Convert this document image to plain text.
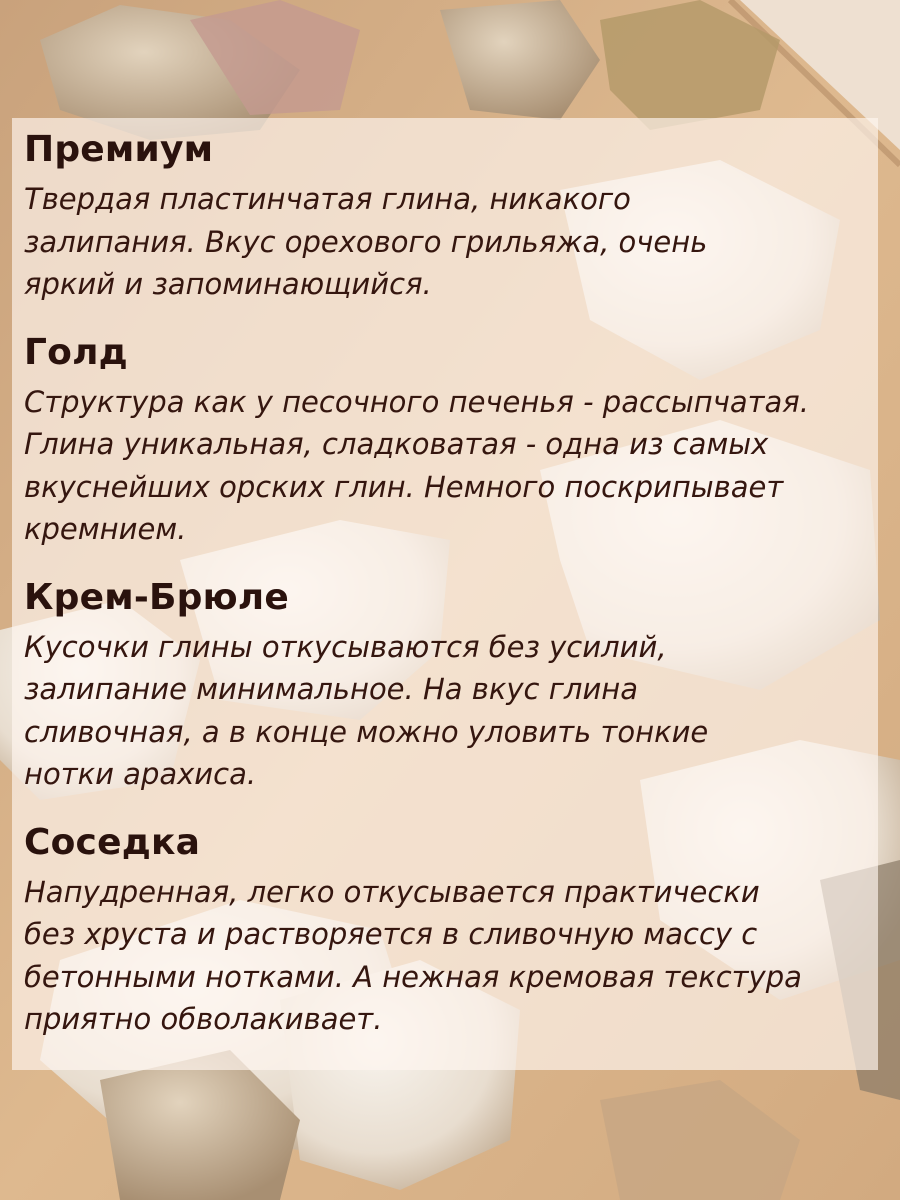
Премиум

Твердая пластинчатая глина, никакого
залипания. Вкус орехового грильяжа, очень
яркий и запоминающийся.

Голд

Структура как у песочного печенья - рассыпчатая.
Глина уникальная, сладковатая - одна из самых
вкуснейших орских глин. Немного поскрипывает
кремнием.

Крем-Брюле

Кусочки глины откусываются без усилий,
залипание минимальное. На вкус глина
сливочная, а в конце можно уловить тонкие
нотки арахиса.

Соседка

Напудренная, легко откусывается практически
без хруста и растворяется в сливочную массу с
бетонными нотками. А нежная кремовая текстура
приятно обволакивает.
